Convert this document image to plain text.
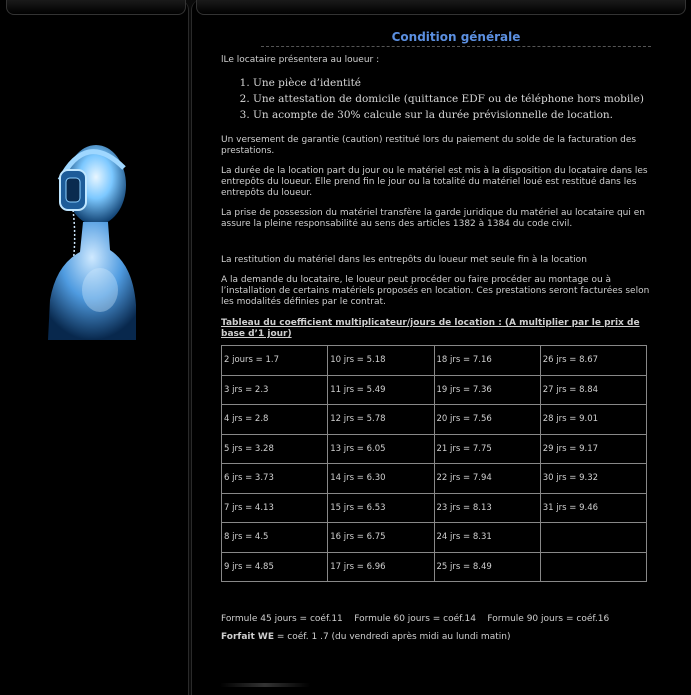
Condition générale
lLe locataire présentera au loueur :
1. Une pièce d’identité
2. Une attestation de domicile (quittance EDF ou de téléphone hors mobile)
3. Un acompte de 30% calcule sur la durée prévisionnelle de location.

Un versement de garantie (caution) restitué lors du paiement du solde de la facturation des prestations.

La durée de la location part du jour ou le matériel est mis à la disposition du locataire dans les entrepôts du loueur. Elle prend fin le jour ou la totalité du matériel loué est restitué dans les entrepôts du loueur.

La prise de possession du matériel transfère la garde juridique du matériel au locataire qui en assure la pleine responsabilité au sens des articles 1382 à 1384 du code civil.

La restitution du matériel dans les entrepôts du loueur met seule fin à la location

A la demande du locataire, le loueur peut procéder ou faire procéder au montage ou à l’installation de certains matériels proposés en location. Ces prestations seront facturées selon les modalités définies par le contrat.

Tableau du coefficient multiplicateur/jours de location : (A multiplier par le prix de base d’1 jour)
2 jours = 1.7	10 jrs = 5.18	18 jrs = 7.16	26 jrs = 8.67
3 jrs = 2.3	11 jrs = 5.49	19 jrs = 7.36	27 jrs = 8.84
4 jrs = 2.8	12 jrs = 5.78	20 jrs = 7.56	28 jrs = 9.01
5 jrs = 3.28	13 jrs = 6.05	21 jrs = 7.75	29 jrs = 9.17
6 jrs = 3.73	14 jrs = 6.30	22 jrs = 7.94	30 jrs = 9.32
7 jrs = 4.13	15 jrs = 6.53	23 jrs = 8.13	31 jrs = 9.46
8 jrs = 4.5	16 jrs = 6.75	24 jrs = 8.31	
9 jrs = 4.85	17 jrs = 6.96	25 jrs = 8.49	
Formule 45 jours = coéf.11    Formule 60 jours = coéf.14    Formule 90 jours = coéf.16
Forfait WE = coéf. 1 .7 (du vendredi après midi au lundi matin)
